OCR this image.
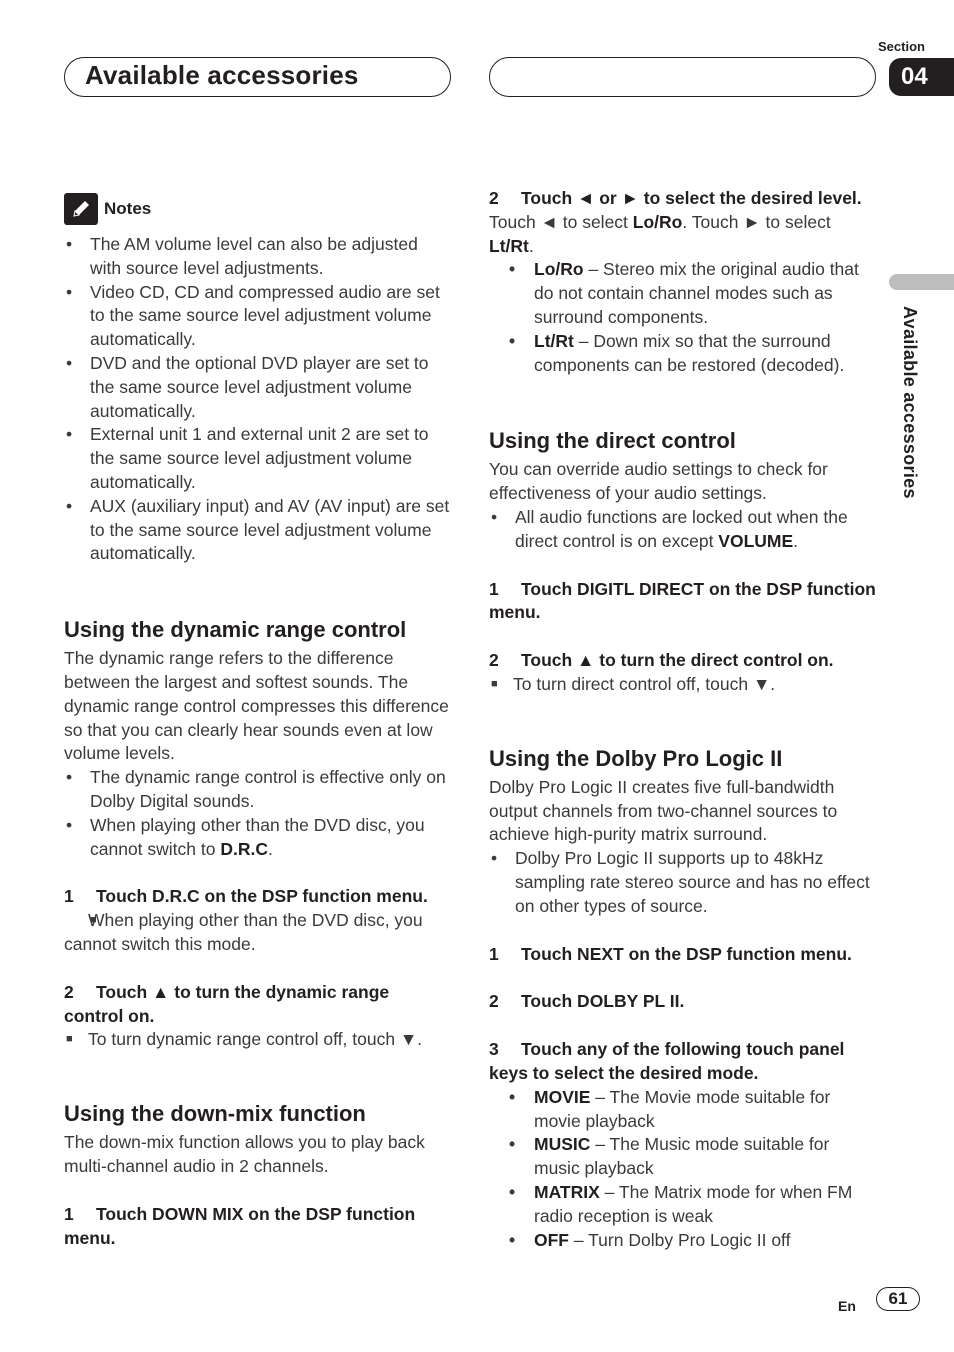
Available accessories
Section
04
Available accessories
Notes
• The AM volume level can also be adjusted with source level adjustments.
• Video CD, CD and compressed audio are set to the same source level adjustment volume automatically.
• DVD and the optional DVD player are set to the same source level adjustment volume automatically.
• External unit 1 and external unit 2 are set to the same source level adjustment volume automatically.
• AUX (auxiliary input) and AV (AV input) are set to the same source level adjustment volume automatically.
Using the dynamic range control

The dynamic range refers to the difference between the largest and softest sounds. The dynamic range control compresses this difference so that you can clearly hear sounds even at low volume levels.

• The dynamic range control is effective only on Dolby Digital sounds.
• When playing other than the DVD disc, you cannot switch to D.R.C.
1 Touch D.R.C on the DSP function menu.
■ When playing other than the DVD disc, you cannot switch this mode.
2 Touch ▲ to turn the dynamic range control on.
■ To turn dynamic range control off, touch ▼.
Using the down-mix function

The down-mix function allows you to play back multi-channel audio in 2 channels.

1 Touch DOWN MIX on the DSP function menu.
2 Touch ◄ or ► to select the desired level.

Touch ◄ to select Lo/Ro. Touch ► to select Lt/Rt.

• Lo/Ro – Stereo mix the original audio that do not contain channel modes such as surround components.
• Lt/Rt – Down mix so that the surround components can be restored (decoded).
Using the direct control

You can override audio settings to check for effectiveness of your audio settings.

• All audio functions are locked out when the direct control is on except VOLUME.
1 Touch DIGITL DIRECT on the DSP function menu.
2 Touch ▲ to turn the direct control on.
■ To turn direct control off, touch ▼.
Using the Dolby Pro Logic II

Dolby Pro Logic II creates five full-bandwidth output channels from two-channel sources to achieve high-purity matrix surround.

• Dolby Pro Logic II supports up to 48kHz sampling rate stereo source and has no effect on other types of source.
1 Touch NEXT on the DSP function menu.
2 Touch DOLBY PL II.
3 Touch any of the following touch panel keys to select the desired mode.
• MOVIE – The Movie mode suitable for movie playback
• MUSIC – The Music mode suitable for music playback
• MATRIX – The Matrix mode for when FM radio reception is weak
• OFF – Turn Dolby Pro Logic II off
En	61
